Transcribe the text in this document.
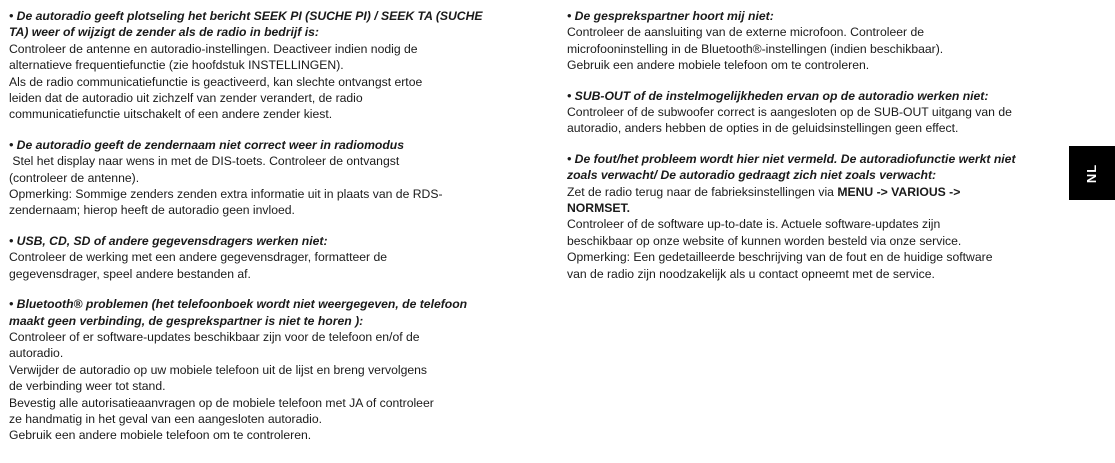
• De autoradio geeft plotseling het bericht SEEK PI (SUCHE PI) / SEEK TA (SUCHE
TA) weer of wijzigt de zender als de radio in bedrijf is:
Controleer de antenne en autoradio-instellingen. Deactiveer indien nodig de
alternatieve frequentiefunctie (zie hoofdstuk INSTELLINGEN).
Als de radio communicatiefunctie is geactiveerd, kan slechte ontvangst ertoe
leiden dat de autoradio uit zichzelf van zender verandert, de radio
communicatiefunctie uitschakelt of een andere zender kiest.
• De autoradio geeft de zendernaam niet correct weer in radiomodus
Stel het display naar wens in met de DIS-toets. Controleer de ontvangst
(controleer de antenne).
Opmerking: Sommige zenders zenden extra informatie uit in plaats van de RDS-
zendernaam; hierop heeft de autoradio geen invloed.
• USB, CD, SD of andere gegevensdragers werken niet:
Controleer de werking met een andere gegevensdrager, formatteer de
gegevensdrager, speel andere bestanden af.
• Bluetooth® problemen (het telefoonboek wordt niet weergegeven, de telefoon
maakt geen verbinding, de gesprekspartner is niet te horen ):
Controleer of er software-updates beschikbaar zijn voor de telefoon en/of de
autoradio.
Verwijder de autoradio op uw mobiele telefoon uit de lijst en breng vervolgens
de verbinding weer tot stand.
Bevestig alle autorisatieaanvragen op de mobiele telefoon met JA of controleer
ze handmatig in het geval van een aangesloten autoradio.
Gebruik een andere mobiele telefoon om te controleren.
• De gesprekspartner hoort mij niet:
Controleer de aansluiting van de externe microfoon. Controleer de
microfooninstelling in de Bluetooth®-instellingen (indien beschikbaar).
Gebruik een andere mobiele telefoon om te controleren.
• SUB-OUT of de instelmogelijkheden ervan op de autoradio werken niet:
Controleer of de subwoofer correct is aangesloten op de SUB-OUT uitgang van de
autoradio, anders hebben de opties in de geluidsinstellingen geen effect.
• De fout/het probleem wordt hier niet vermeld. De autoradiofunctie werkt niet
zoals verwacht/ De autoradio gedraagt zich niet zoals verwacht:
Zet de radio terug naar de fabrieksinstellingen via MENU -> VARIOUS ->
NORMSET.
Controleer of de software up-to-date is. Actuele software-updates zijn
beschikbaar op onze website of kunnen worden besteld via onze service.
Opmerking: Een gedetailleerde beschrijving van de fout en de huidige software
van de radio zijn noodzakelijk als u contact opneemt met de service.
NL
